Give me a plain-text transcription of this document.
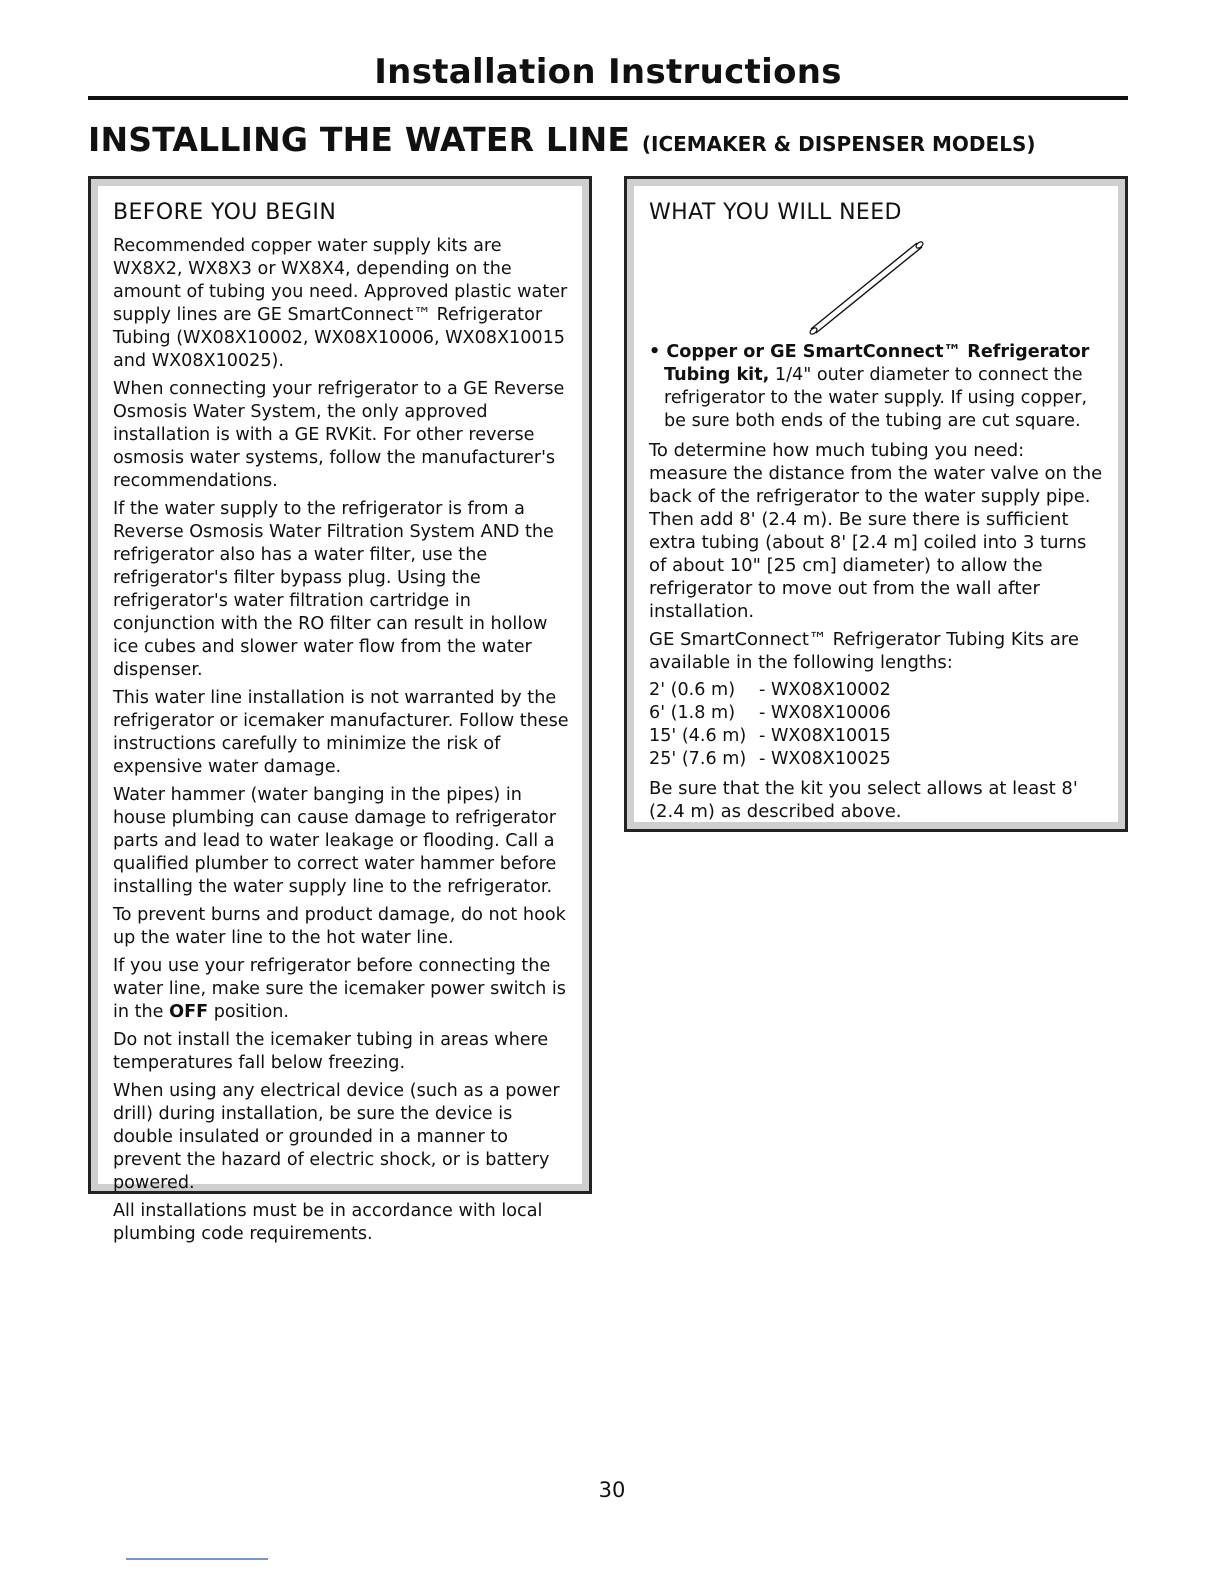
Installation Instructions
INSTALLING THE WATER LINE (ICEMAKER & DISPENSER MODELS)
BEFORE YOU BEGIN

Recommended copper water supply kits are WX8X2, WX8X3 or WX8X4, depending on the amount of tubing you need. Approved plastic water supply lines are GE SmartConnect™ Refrigerator Tubing (WX08X10002, WX08X10006, WX08X10015 and WX08X10025).

When connecting your refrigerator to a GE Reverse Osmosis Water System, the only approved installation is with a GE RVKit. For other reverse osmosis water systems, follow the manufacturer's recommendations.

If the water supply to the refrigerator is from a Reverse Osmosis Water Filtration System AND the refrigerator also has a water filter, use the refrigerator's filter bypass plug. Using the refrigerator's water filtration cartridge in conjunction with the RO filter can result in hollow ice cubes and slower water flow from the water dispenser.

This water line installation is not warranted by the refrigerator or icemaker manufacturer. Follow these instructions carefully to minimize the risk of expensive water damage.

Water hammer (water banging in the pipes) in house plumbing can cause damage to refrigerator parts and lead to water leakage or flooding. Call a qualified plumber to correct water hammer before installing the water supply line to the refrigerator.

To prevent burns and product damage, do not hook up the water line to the hot water line.

If you use your refrigerator before connecting the water line, make sure the icemaker power switch is in the OFF position.

Do not install the icemaker tubing in areas where temperatures fall below freezing.

When using any electrical device (such as a power drill) during installation, be sure the device is double insulated or grounded in a manner to prevent the hazard of electric shock, or is battery powered.

All installations must be in accordance with local plumbing code requirements.

WHAT YOU WILL NEED

• Copper or GE SmartConnect™ Refrigerator Tubing kit, 1/4" outer diameter to connect the refrigerator to the water supply. If using copper, be sure both ends of the tubing are cut square.

To determine how much tubing you need: measure the distance from the water valve on the back of the refrigerator to the water supply pipe. Then add 8' (2.4 m). Be sure there is sufficient extra tubing (about 8' [2.4 m] coiled into 3 turns of about 10" [25 cm] diameter) to allow the refrigerator to move out from the wall after installation.

GE SmartConnect™ Refrigerator Tubing Kits are available in the following lengths:

2' (0.6 m)	- WX08X10002
6' (1.8 m)	- WX08X10006
15' (4.6 m) - WX08X10015
25' (7.6 m) - WX08X10025

Be sure that the kit you select allows at least 8' (2.4 m) as described above.

30
